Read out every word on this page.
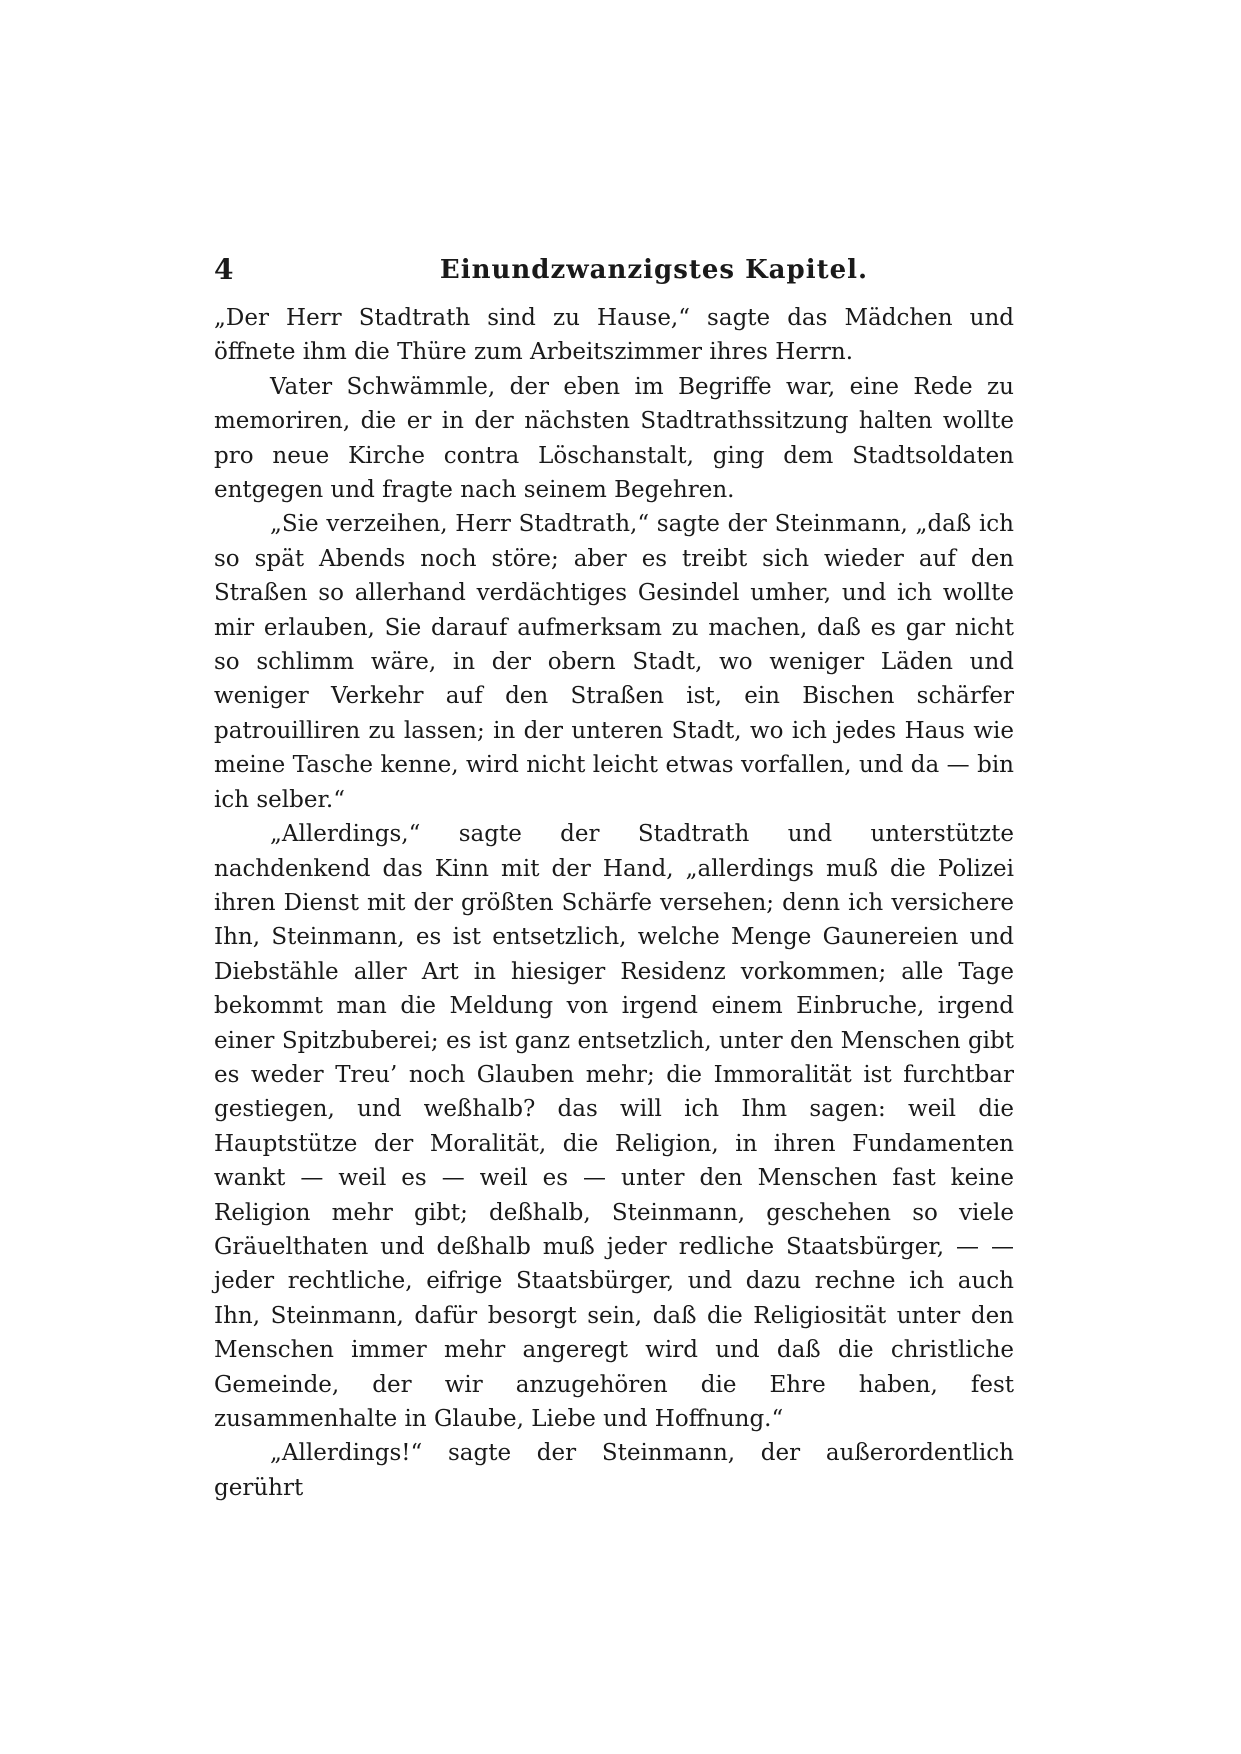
4	Einundzwanzigstes Kapitel.

„Der Herr Stadtrath sind zu Hause,“ sagte das Mädchen und öffnete ihm die Thüre zum Arbeitszimmer ihres Herrn.

Vater Schwämmle, der eben im Begriffe war, eine Rede zu memoriren, die er in der nächsten Stadtrathssitzung halten wollte pro neue Kirche contra Löschanstalt, ging dem Stadtsoldaten entgegen und fragte nach seinem Begehren.

„Sie verzeihen, Herr Stadtrath,“ sagte der Steinmann, „daß ich so spät Abends noch störe; aber es treibt sich wieder auf den Straßen so allerhand verdächtiges Gesindel umher, und ich wollte mir erlauben, Sie darauf aufmerksam zu machen, daß es gar nicht so schlimm wäre, in der obern Stadt, wo weniger Läden und weniger Verkehr auf den Straßen ist, ein Bischen schärfer patrouilliren zu lassen; in der unteren Stadt, wo ich jedes Haus wie meine Tasche kenne, wird nicht leicht etwas vorfallen, und da — bin ich selber.“

„Allerdings,“ sagte der Stadtrath und unterstützte nachdenkend das Kinn mit der Hand, „allerdings muß die Polizei ihren Dienst mit der größten Schärfe versehen; denn ich versichere Ihn, Steinmann, es ist entsetzlich, welche Menge Gaunereien und Diebstähle aller Art in hiesiger Residenz vorkommen; alle Tage bekommt man die Meldung von irgend einem Einbruche, irgend einer Spitzbuberei; es ist ganz entsetzlich, unter den Menschen gibt es weder Treu’ noch Glauben mehr; die Immoralität ist furchtbar gestiegen, und weßhalb? das will ich Ihm sagen: weil die Hauptstütze der Moralität, die Religion, in ihren Fundamenten wankt — weil es — weil es — unter den Menschen fast keine Religion mehr gibt; deßhalb, Steinmann, geschehen so viele Gräuelthaten und deßhalb muß jeder redliche Staatsbürger, — — jeder rechtliche, eifrige Staatsbürger, und dazu rechne ich auch Ihn, Steinmann, dafür besorgt sein, daß die Religiosität unter den Menschen immer mehr angeregt wird und daß die christliche Gemeinde, der wir anzugehören die Ehre haben, fest zusammenhalte in Glaube, Liebe und Hoffnung.“

„Allerdings!“ sagte der Steinmann, der außerordentlich gerührt
